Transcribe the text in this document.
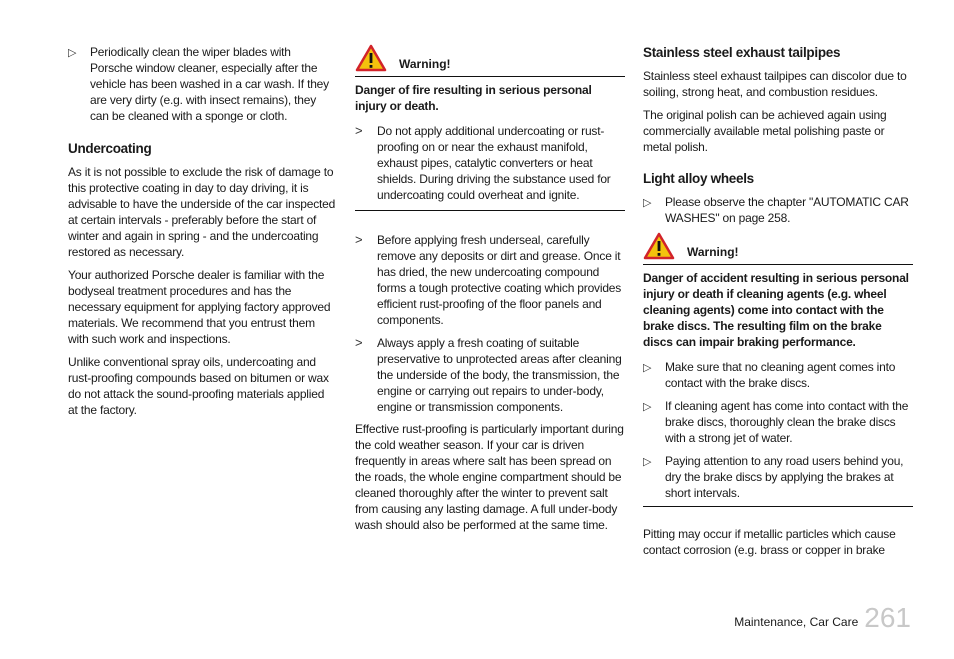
▷ Periodically clean the wiper blades with Porsche window cleaner, especially after the vehicle has been washed in a car wash. If they are very dirty (e.g. with insect remains), they can be cleaned with a sponge or cloth.
Undercoating

As it is not possible to exclude the risk of damage to this protective coating in day to day driving, it is advisable to have the underside of the car inspected at certain intervals - preferably before the start of winter and again in spring - and the undercoating restored as necessary.

Your authorized Porsche dealer is familiar with the bodyseal treatment procedures and has the necessary equipment for applying factory approved materials. We recommend that you entrust them with such work and inspections.

Unlike conventional spray oils, undercoating and rust-proofing compounds based on bitumen or wax do not attack the sound-proofing materials applied at the factory.

Warning!

Danger of fire resulting in serious personal injury or death.

> Do not apply additional undercoating or rust-proofing on or near the exhaust manifold, exhaust pipes, catalytic converters or heat shields. During driving the substance used for undercoating could overheat and ignite.
> Before applying fresh underseal, carefully remove any deposits or dirt and grease. Once it has dried, the new undercoating compound forms a tough protective coating which provides efficient rust-proofing of the floor panels and components.
> Always apply a fresh coating of suitable preservative to unprotected areas after cleaning the underside of the body, the transmission, the engine or carrying out repairs to under-body, engine or transmission components.

Effective rust-proofing is particularly important during the cold weather season. If your car is driven frequently in areas where salt has been spread on the roads, the whole engine compartment should be cleaned thoroughly after the winter to prevent salt from causing any lasting damage. A full under-body wash should also be performed at the same time.

Stainless steel exhaust tailpipes

Stainless steel exhaust tailpipes can discolor due to soiling, strong heat, and combustion residues.

The original polish can be achieved again using commercially available metal polishing paste or metal polish.

Light alloy wheels
▷ Please observe the chapter "AUTOMATIC CAR WASHES" on page 258.
Warning!

Danger of accident resulting in serious personal injury or death if cleaning agents (e.g. wheel cleaning agents) come into contact with the brake discs. The resulting film on the brake discs can impair braking performance.

▷ Make sure that no cleaning agent comes into contact with the brake discs.
▷ If cleaning agent has come into contact with the brake discs, thoroughly clean the brake discs with a strong jet of water.
▷ Paying attention to any road users behind you, dry the brake discs by applying the brakes at short intervals.

Pitting may occur if metallic particles which cause contact corrosion (e.g. brass or copper in brake

Maintenance, Car Care 261
